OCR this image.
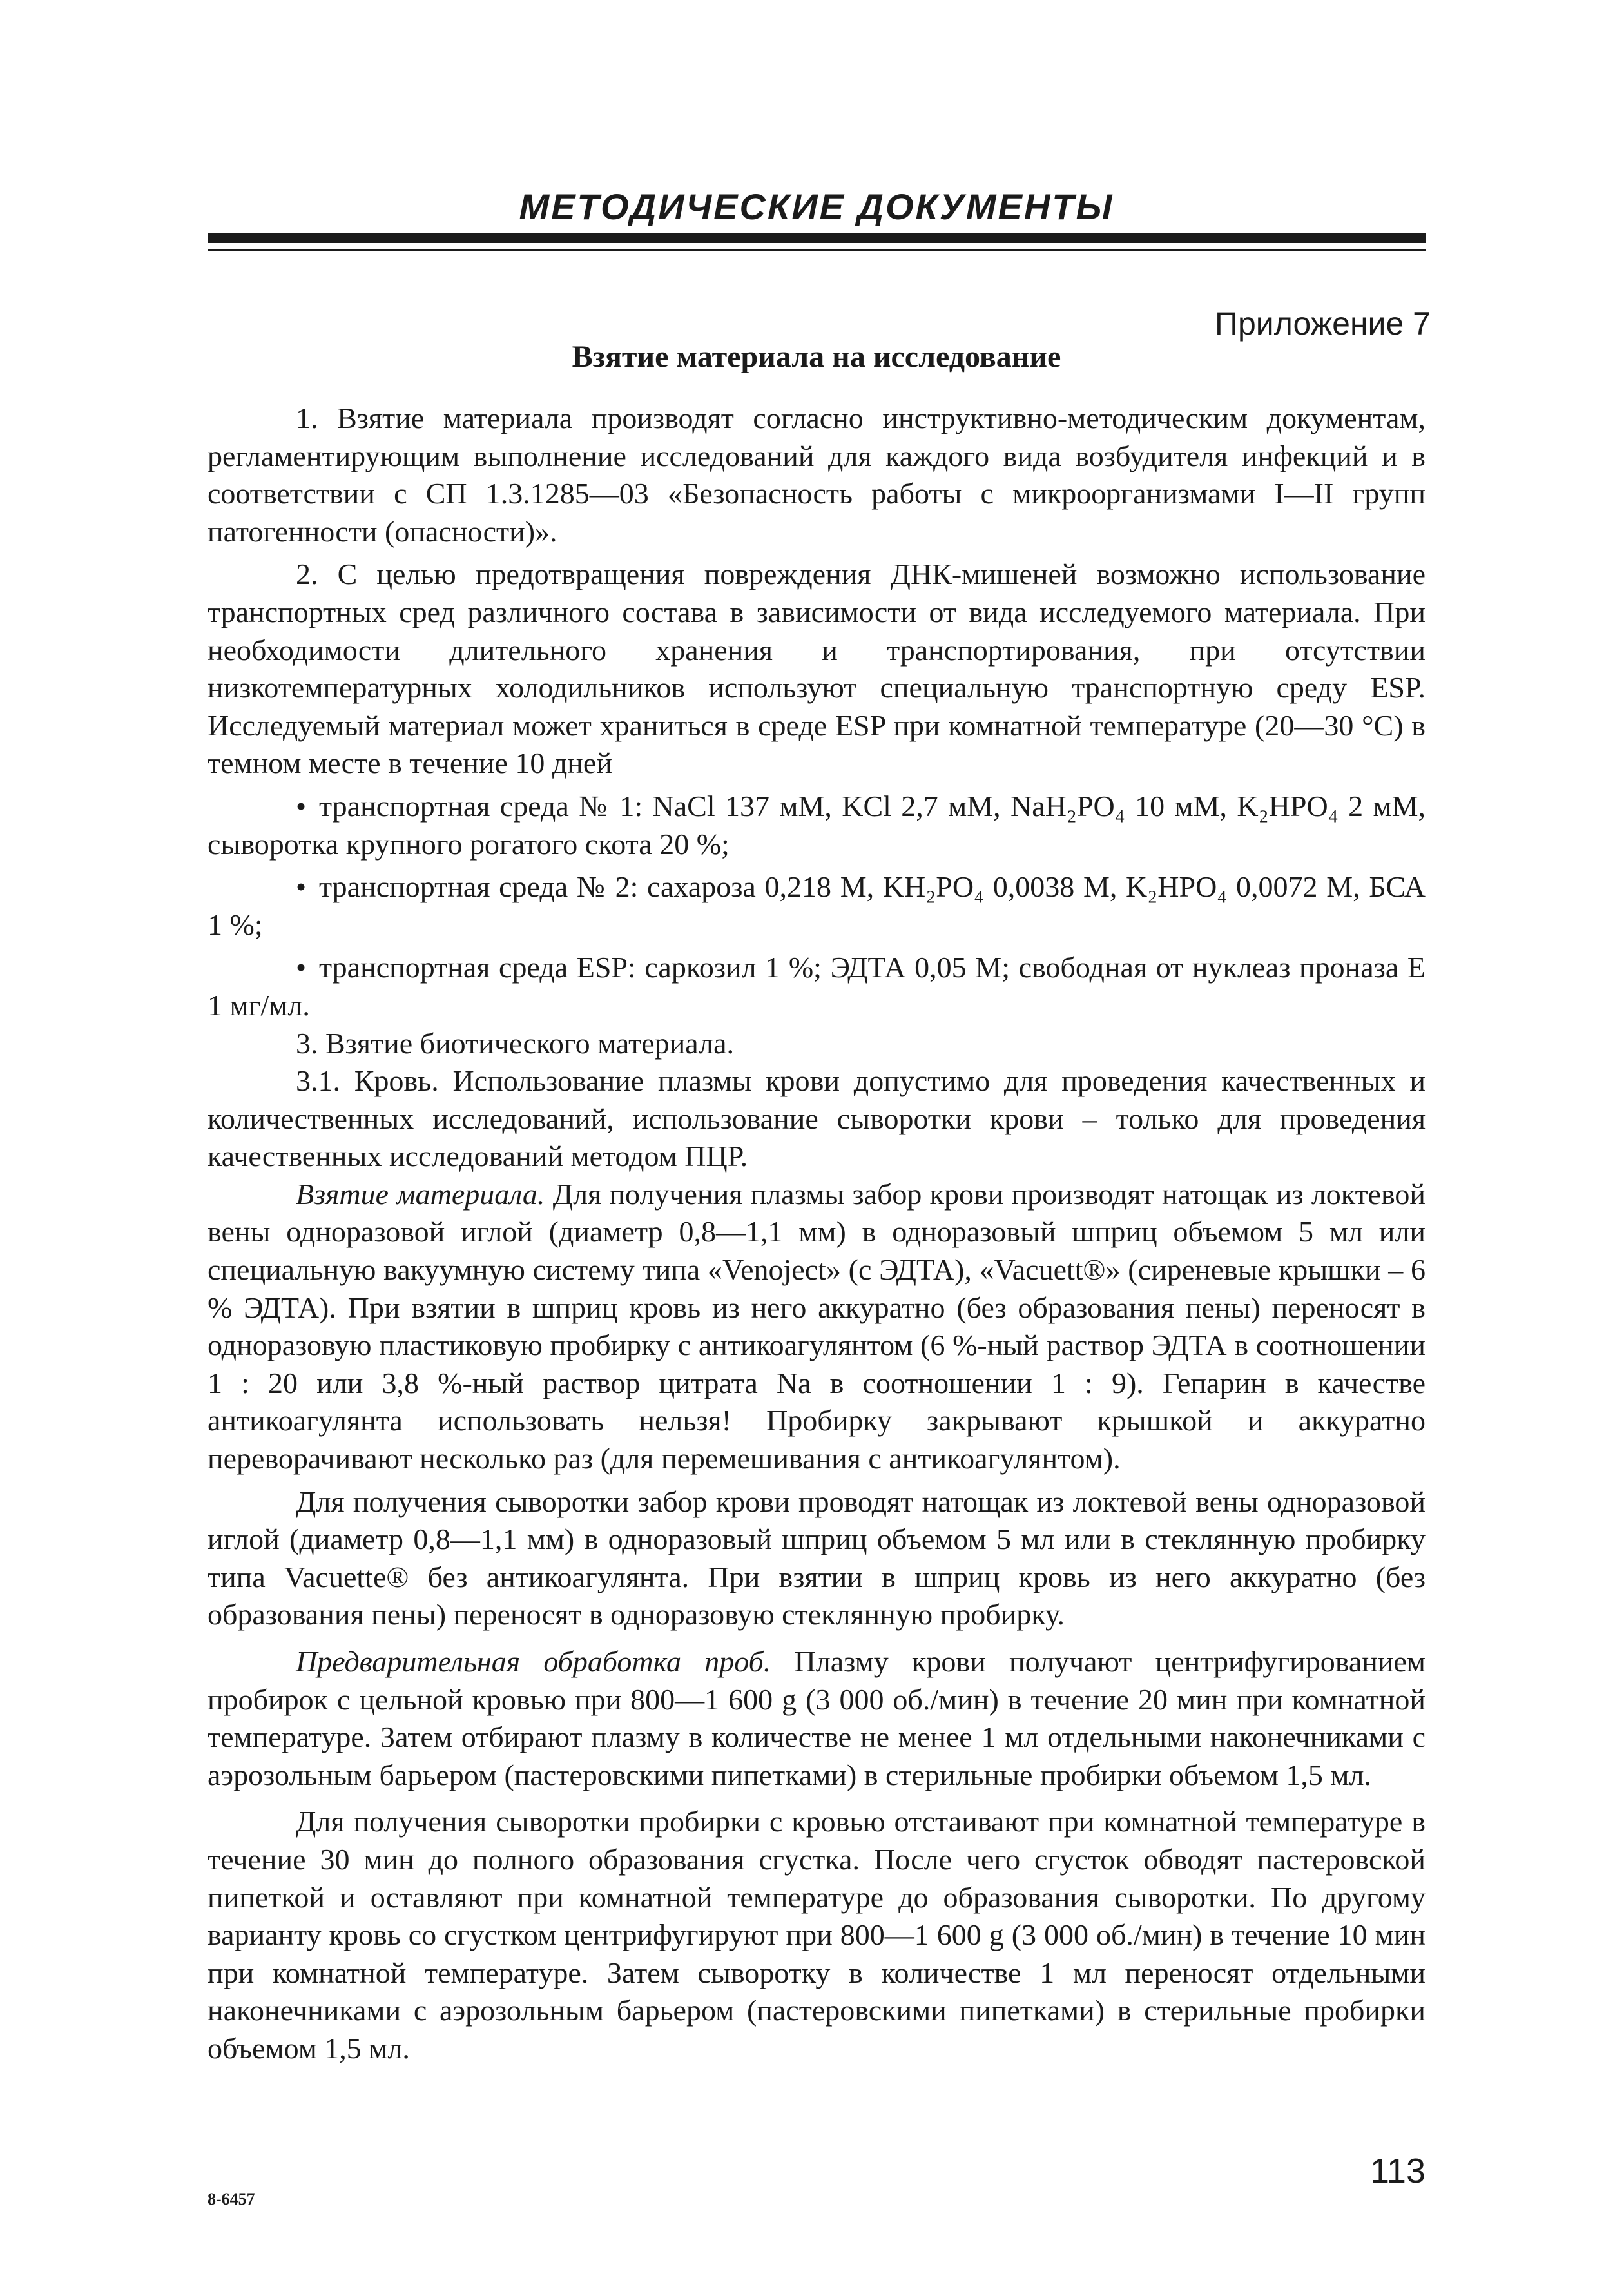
МЕТОДИЧЕСКИЕ ДОКУМЕНТЫ
Приложение 7
Взятие материала на исследование

1. Взятие материала производят согласно инструктивно-методическим документам, регламентирующим выполнение исследований для каждого вида возбудителя инфекций и в соответствии с СП 1.3.1285—03 «Безопасность работы с микроорганизмами I—II групп патогенности (опасности)».

2. С целью предотвращения повреждения ДНК-мишеней возможно использование транспортных сред различного состава в зависимости от вида исследуемого материала. При необходимости длительного хранения и транспортирования, при отсутствии низкотемпературных холодильников используют специальную транспортную среду ESP. Исследуемый материал может храниться в среде ESP при комнатной температуре (20—30 °С) в темном месте в течение 10 дней

• транспортная среда № 1: NaCl 137 мМ, KCl 2,7 мМ, NaH₂PO₄ 10 мМ, K₂HPO₄ 2 мМ, сыворотка крупного рогатого скота 20 %;

• транспортная среда № 2: сахароза 0,218 М, KH₂PO₄ 0,0038 М, K₂HPO₄ 0,0072 М, БСА 1 %;

• транспортная среда ESP: саркозил 1 %; ЭДТА 0,05 М; свободная от нуклеаз проназа Е 1 мг/мл.

3. Взятие биотического материала.

3.1. Кровь. Использование плазмы крови допустимо для проведения качественных и количественных исследований, использование сыворотки крови – только для проведения качественных исследований методом ПЦР.

Взятие материала. Для получения плазмы забор крови производят натощак из локтевой вены одноразовой иглой (диаметр 0,8—1,1 мм) в одноразовый шприц объемом 5 мл или специальную вакуумную систему типа «Venoject» (с ЭДТА), «Vacuett®» (сиреневые крышки – 6 % ЭДТА). При взятии в шприц кровь из него аккуратно (без образования пены) переносят в одноразовую пластиковую пробирку с антикоагулянтом (6 %-ный раствор ЭДТА в соотношении 1 : 20 или 3,8 %-ный раствор цитрата Na в соотношении 1 : 9). Гепарин в качестве антикоагулянта использовать нельзя! Пробирку закрывают крышкой и аккуратно переворачивают несколько раз (для перемешивания с антикоагулянтом).

Для получения сыворотки забор крови проводят натощак из локтевой вены одноразовой иглой (диаметр 0,8—1,1 мм) в одноразовый шприц объемом 5 мл или в стеклянную пробирку типа Vacuette® без антикоагулянта. При взятии в шприц кровь из него аккуратно (без образования пены) переносят в одноразовую стеклянную пробирку.

Предварительная обработка проб. Плазму крови получают центрифугированием пробирок с цельной кровью при 800—1 600 g (3 000 об./мин) в течение 20 мин при комнатной температуре. Затем отбирают плазму в количестве не менее 1 мл отдельными наконечниками с аэрозольным барьером (пастеровскими пипетками) в стерильные пробирки объемом 1,5 мл.

Для получения сыворотки пробирки с кровью отстаивают при комнатной температуре в течение 30 мин до полного образования сгустка. После чего сгусток обводят пастеровской пипеткой и оставляют при комнатной температуре до образования сыворотки. По другому варианту кровь со сгустком центрифугируют при 800—1 600 g (3 000 об./мин) в течение 10 мин при комнатной температуре. Затем сыворотку в количестве 1 мл переносят отдельными наконечниками с аэрозольным барьером (пастеровскими пипетками) в стерильные пробирки объемом 1,5 мл.

8-6457
113
